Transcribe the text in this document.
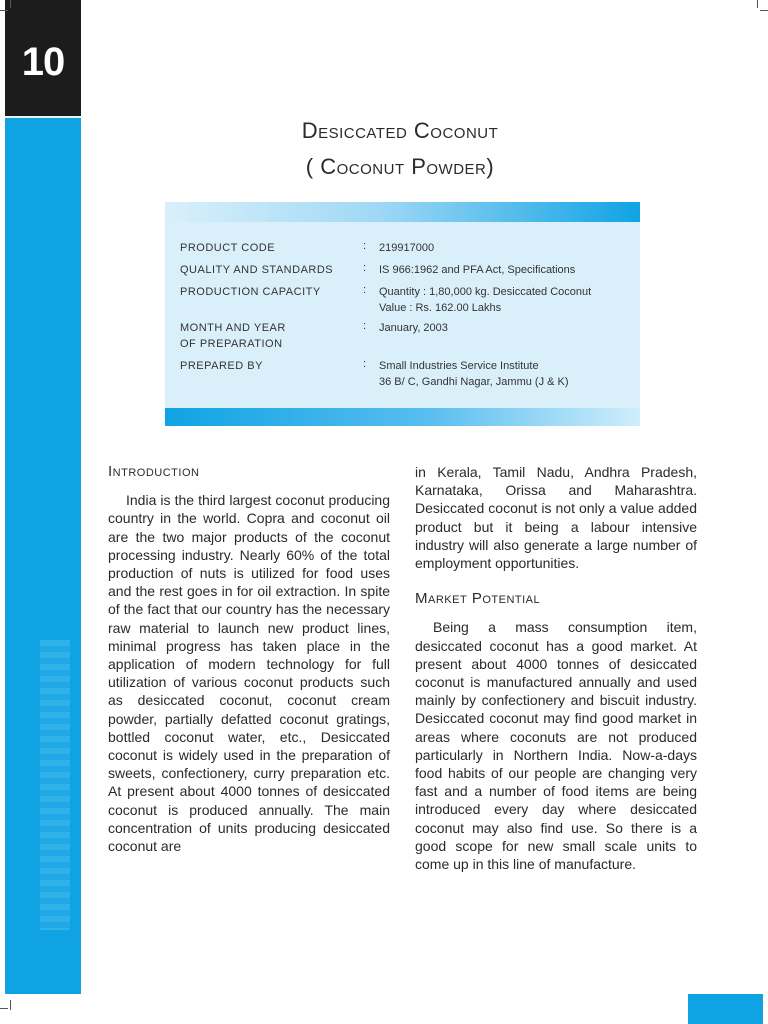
10
Desiccated Coconut
( Coconut Powder)
PRODUCT CODE	: 219917000
QUALITY AND STANDARDS	: IS 966:1962 and PFA Act, Specifications
PRODUCTION CAPACITY	: Quantity : 1,80,000 kg. Desiccated Coconut
Value : Rs. 162.00 Lakhs
MONTH AND YEAR
OF PREPARATION
: January, 2003
PREPARED BY	: Small Industries Service Institute
36 B/ C, Gandhi Nagar, Jammu (J & K)
Introduction

India is the third largest coconut producing country in the world. Copra and coconut oil are the two major products of the coconut processing industry. Nearly 60% of the total production of nuts is utilized for food uses and the rest goes in for oil extraction. In spite of the fact that our country has the necessary raw material to launch new product lines, minimal progress has taken place in the application of modern technology for full utilization of various coconut products such as desiccated coconut, coconut cream powder, partially defatted coconut gratings, bottled coconut water, etc., Desiccated coconut is widely used in the preparation of sweets, confectionery, curry preparation etc. At present about 4000 tonnes of desiccated coconut is produced annually. The main concentration of units producing desiccated coconut are

in Kerala, Tamil Nadu, Andhra Pradesh, Karnataka, Orissa and Maharashtra. Desiccated coconut is not only a value added product but it being a labour intensive industry will also generate a large number of employment opportunities.

Market Potential

Being a mass consumption item, desiccated coconut has a good market. At present about 4000 tonnes of desiccated coconut is manufactured annually and used mainly by confectionery and biscuit industry. Desiccated coconut may find good market in areas where coconuts are not produced particularly in Northern India. Now-a-days food habits of our people are changing very fast and a number of food items are being introduced every day where desiccated coconut may also find use. So there is a good scope for new small scale units to come up in this line of manufacture.
